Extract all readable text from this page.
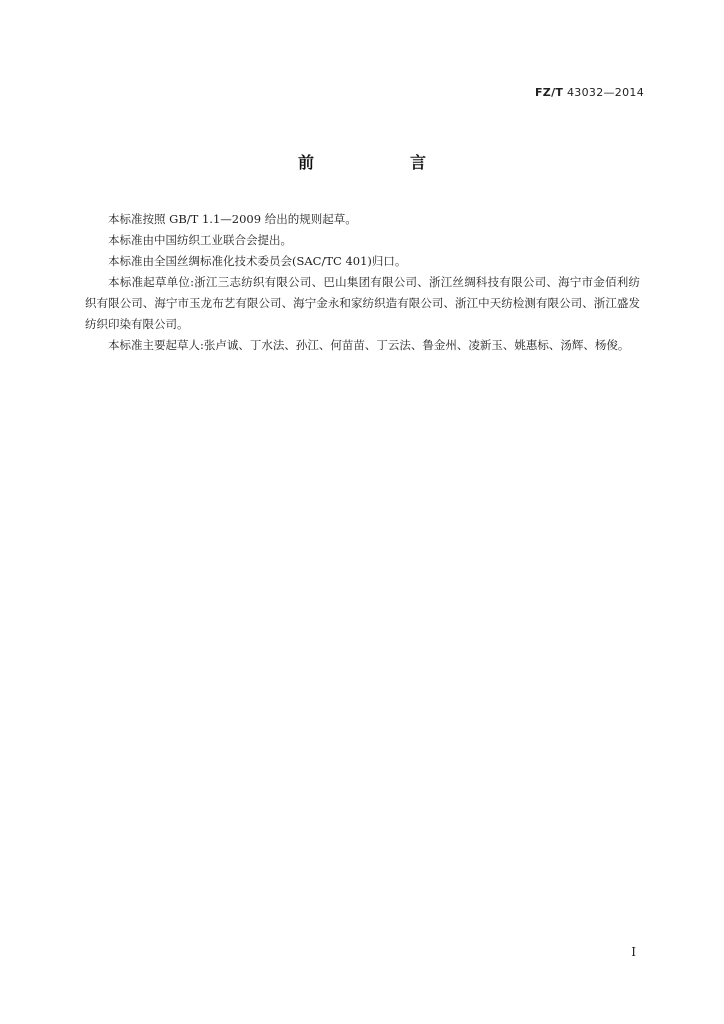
FZ/T 43032—2014
前　言

本标准按照 GB/T 1.1—2009 给出的规则起草。

本标准由中国纺织工业联合会提出。

本标准由全国丝绸标准化技术委员会(SAC/TC 401)归口。

本标准起草单位:浙江三志纺织有限公司、巴山集团有限公司、浙江丝绸科技有限公司、海宁市金佰利纺织有限公司、海宁市玉龙布艺有限公司、海宁金永和家纺织造有限公司、浙江中天纺检测有限公司、浙江盛发纺织印染有限公司。

本标准主要起草人:张卢诚、丁水法、孙江、何苗苗、丁云法、鲁金州、凌新玉、姚惠标、汤辉、杨俊。

I
